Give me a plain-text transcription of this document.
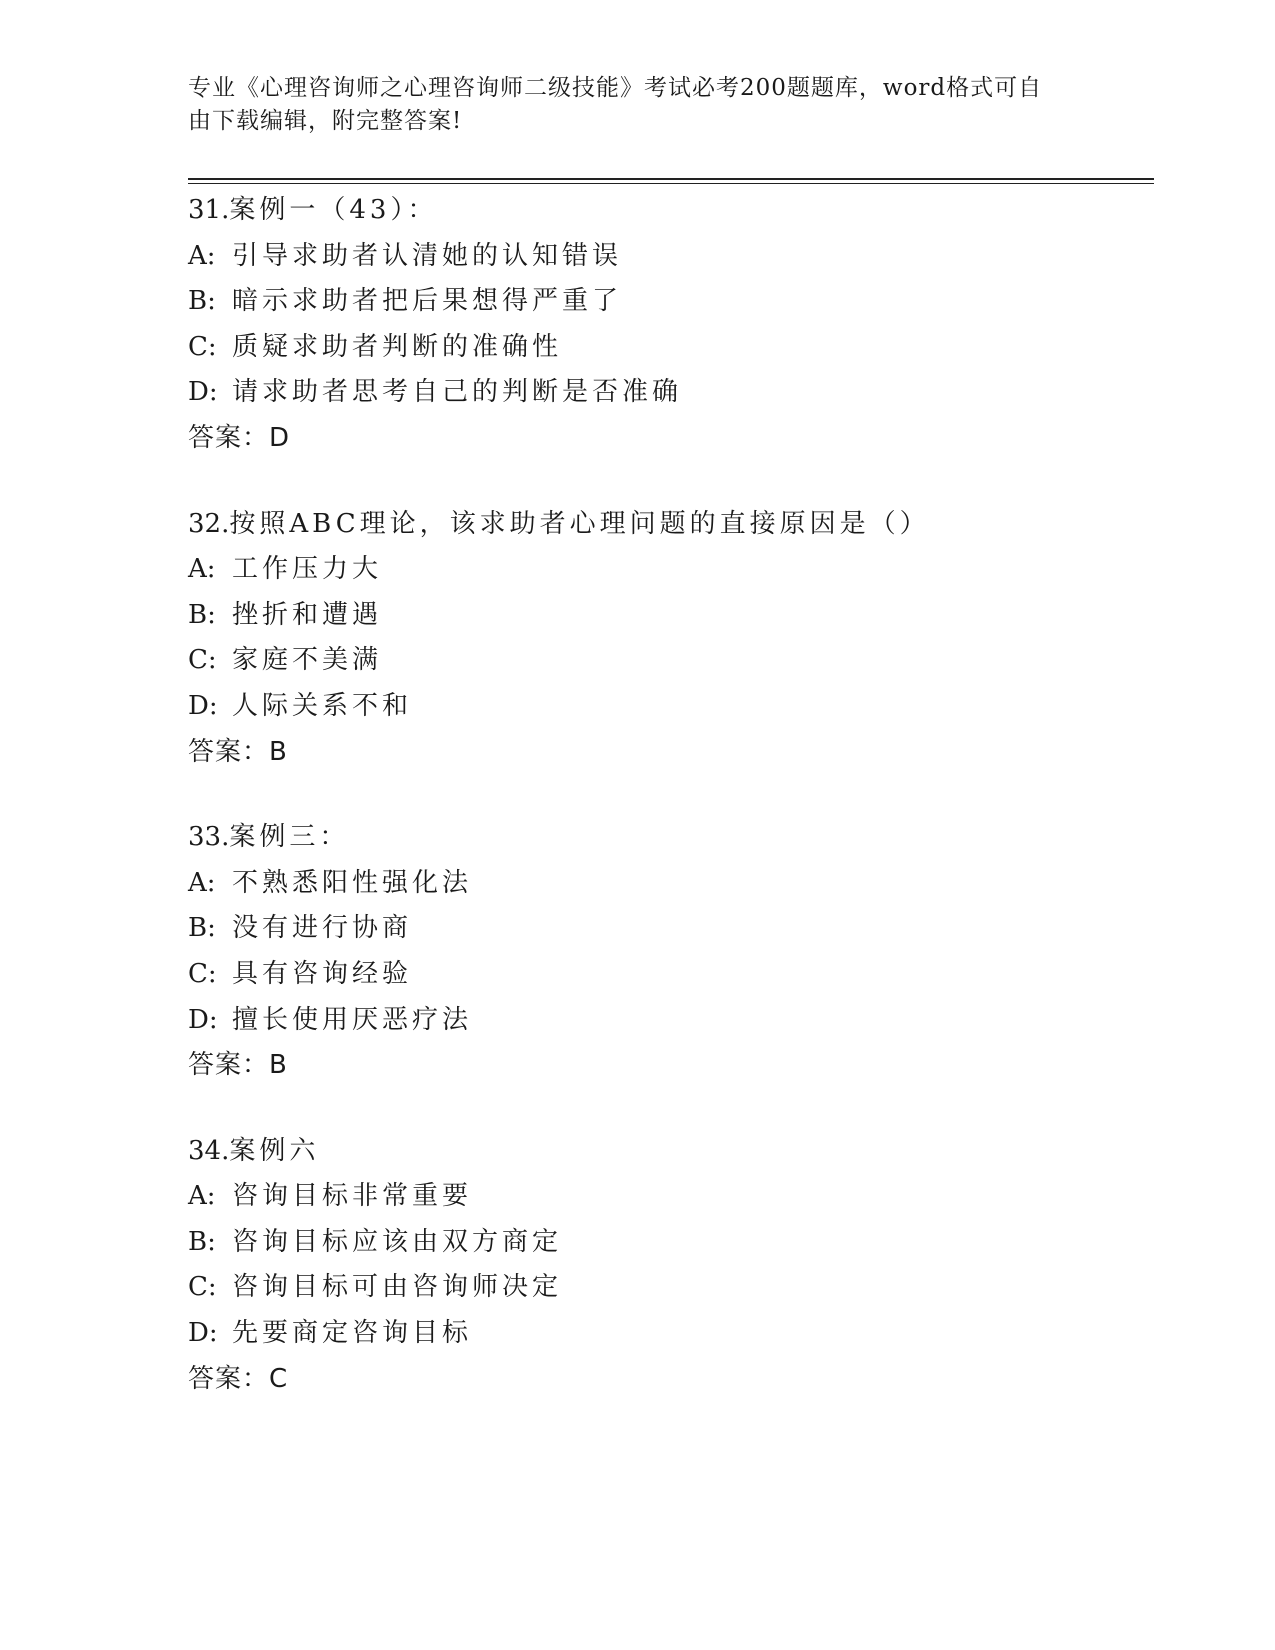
专业《心理咨询师之心理咨询师二级技能》考试必考200题题库，word格式可自
由下载编辑，附完整答案!
31.案例一（43）：
A: 引导求助者认清她的认知错误
B: 暗示求助者把后果想得严重了
C: 质疑求助者判断的准确性
D: 请求助者思考自己的判断是否准确
答案：D
32.按照ABC理论，该求助者心理问题的直接原因是（）
A: 工作压力大
B: 挫折和遭遇
C: 家庭不美满
D: 人际关系不和
答案：B
33.案例三：
A: 不熟悉阳性强化法
B: 没有进行协商
C: 具有咨询经验
D: 擅长使用厌恶疗法
答案：B
34.案例六
A: 咨询目标非常重要
B: 咨询目标应该由双方商定
C: 咨询目标可由咨询师决定
D: 先要商定咨询目标
答案：C
